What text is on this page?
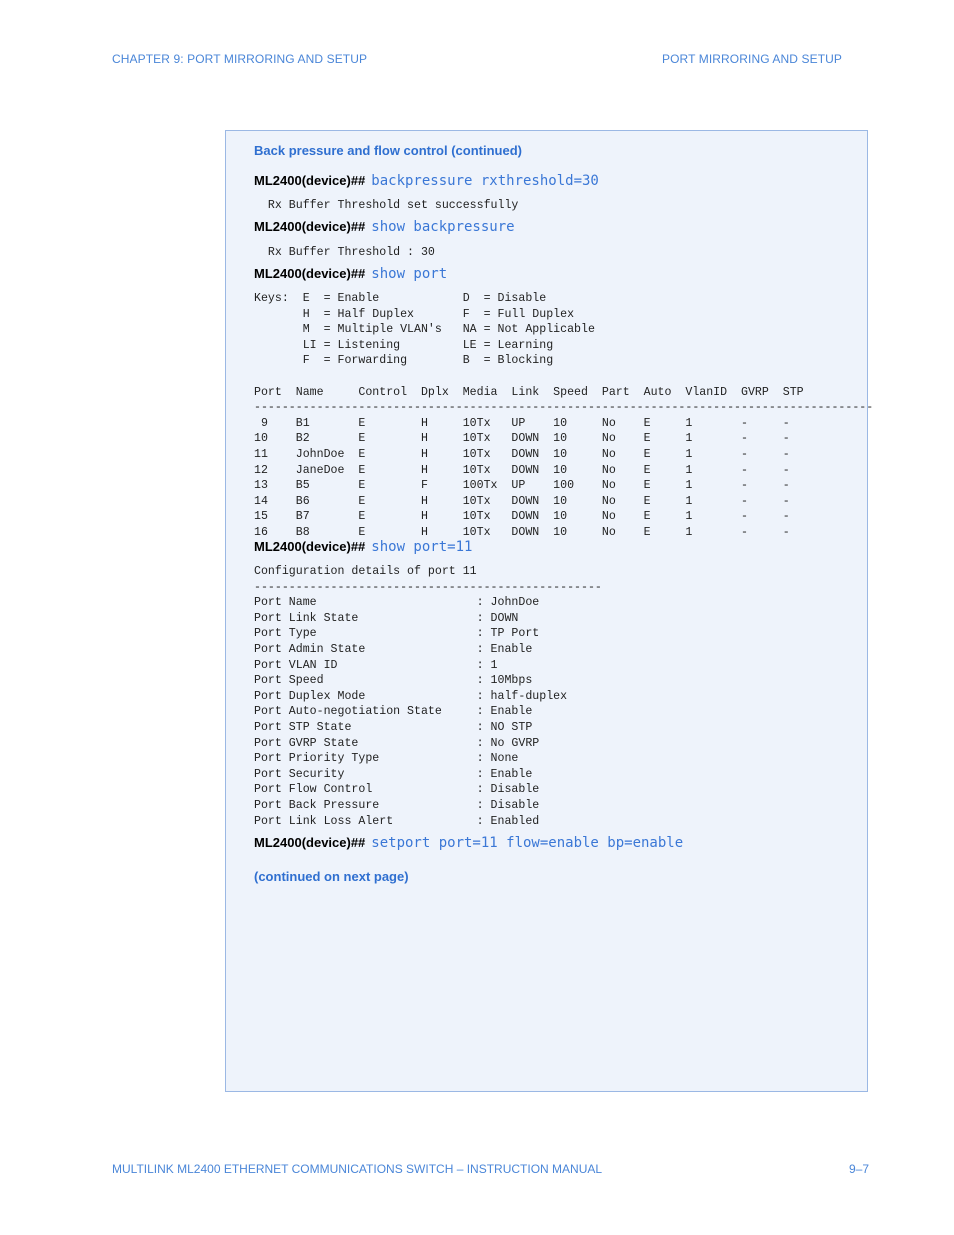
CHAPTER 9: PORT MIRRORING AND SETUP	PORT MIRRORING AND SETUP
Back pressure and flow control (continued)
ML2400(device)## backpressure rxthreshold=30
Rx Buffer Threshold set successfully
ML2400(device)## show backpressure
Rx Buffer Threshold : 30
ML2400(device)## show port
Keys:  E  = Enable            D  = Disable
H  = Half Duplex       F  = Full Duplex
M  = Multiple VLAN's   NA = Not Applicable
LI = Listening         LE = Learning
F  = Forwarding        B  = Blocking

Port  Name     Control  Dplx  Media  Link  Speed  Part  Auto  VlanID  GVRP  STP
-----------------------------------------------------------------------------------------
9    B1       E        H     10Tx   UP    10     No    E     1       -     -
10    B2       E        H     10Tx   DOWN  10     No    E     1       -     -
11    JohnDoe  E        H     10Tx   DOWN  10     No    E     1       -     -
12    JaneDoe  E        H     10Tx   DOWN  10     No    E     1       -     -
13    B5       E        F     100Tx  UP    100    No    E     1       -     -
14    B6       E        H     10Tx   DOWN  10     No    E     1       -     -
15    B7       E        H     10Tx   DOWN  10     No    E     1       -     -
16    B8       E        H     10Tx   DOWN  10     No    E     1       -     -
ML2400(device)## show port=11
Configuration details of port 11
--------------------------------------------------
Port Name                       : JohnDoe
Port Link State                 : DOWN
Port Type                       : TP Port
Port Admin State                : Enable
Port VLAN ID                    : 1
Port Speed                      : 10Mbps
Port Duplex Mode                : half-duplex
Port Auto-negotiation State     : Enable
Port STP State                  : NO STP
Port GVRP State                 : No GVRP
Port Priority Type              : None
Port Security                   : Enable
Port Flow Control               : Disable
Port Back Pressure              : Disable
Port Link Loss Alert            : Enabled
ML2400(device)## setport port=11 flow=enable bp=enable
(continued on next page)
MULTILINK ML2400 ETHERNET COMMUNICATIONS SWITCH – INSTRUCTION MANUAL	9–7
